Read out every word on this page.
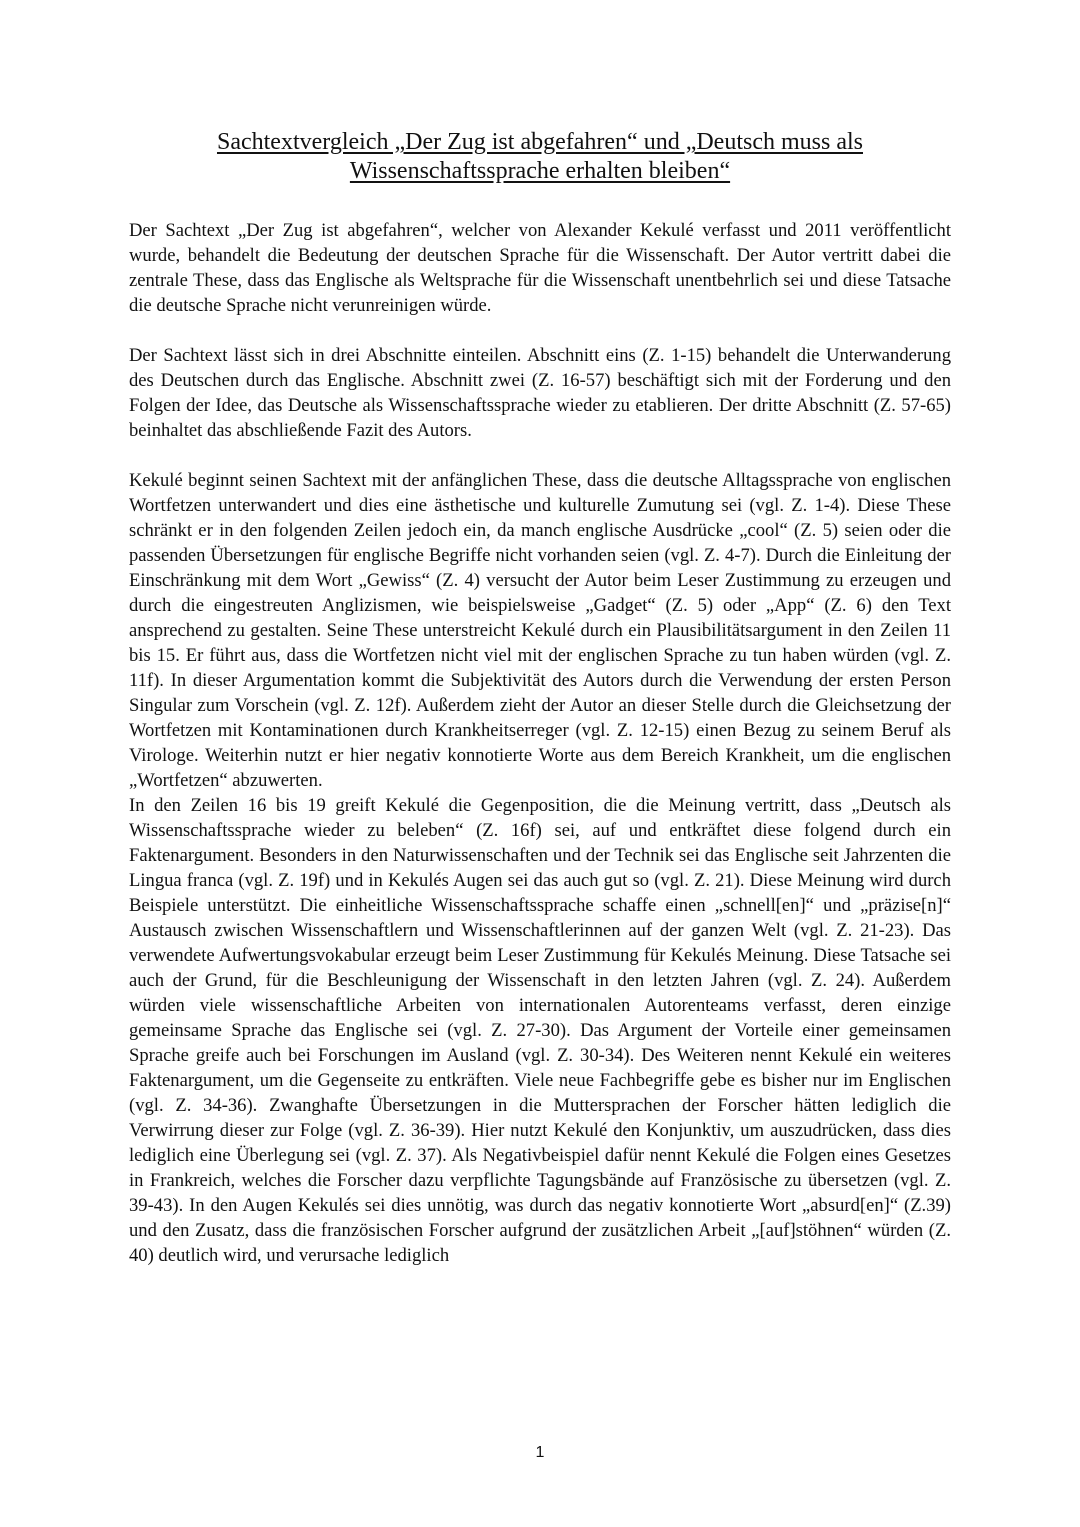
Sachtextvergleich „Der Zug ist abgefahren“ und „Deutsch muss als
Wissenschaftssprache erhalten bleiben“

Der Sachtext „Der Zug ist abgefahren“, welcher von Alexander Kekulé verfasst und 2011 veröffentlicht wurde, behandelt die Bedeutung der deutschen Sprache für die Wissenschaft. Der Autor vertritt dabei die zentrale These, dass das Englische als Weltsprache für die Wissenschaft unentbehrlich sei und diese Tatsache die deutsche Sprache nicht verunreinigen würde.

Der Sachtext lässt sich in drei Abschnitte einteilen. Abschnitt eins (Z. 1-15) behandelt die Unterwanderung des Deutschen durch das Englische. Abschnitt zwei (Z. 16-57) beschäftigt sich mit der Forderung und den Folgen der Idee, das Deutsche als Wissenschaftssprache wieder zu etablieren. Der dritte Abschnitt (Z. 57-65) beinhaltet das abschließende Fazit des Autors.

Kekulé beginnt seinen Sachtext mit der anfänglichen These, dass die deutsche Alltagssprache von englischen Wortfetzen unterwandert und dies eine ästhetische und kulturelle Zumutung sei (vgl. Z. 1-4). Diese These schränkt er in den folgenden Zeilen jedoch ein, da manch englische Ausdrücke „cool“ (Z. 5) seien oder die passenden Übersetzungen für englische Begriffe nicht vorhanden seien (vgl. Z. 4-7). Durch die Einleitung der Einschränkung mit dem Wort „Gewiss“ (Z. 4) versucht der Autor beim Leser Zustimmung zu erzeugen und durch die eingestreuten Anglizismen, wie beispielsweise „Gadget“ (Z. 5) oder „App“ (Z. 6) den Text ansprechend zu gestalten. Seine These unterstreicht Kekulé durch ein Plausibilitätsargument in den Zeilen 11 bis 15. Er führt aus, dass die Wortfetzen nicht viel mit der englischen Sprache zu tun haben würden (vgl. Z. 11f). In dieser Argumentation kommt die Subjektivität des Autors durch die Verwendung der ersten Person Singular zum Vorschein (vgl. Z. 12f). Außerdem zieht der Autor an dieser Stelle durch die Gleichsetzung der Wortfetzen mit Kontaminationen durch Krankheitserreger (vgl. Z. 12-15) einen Bezug zu seinem Beruf als Virologe. Weiterhin nutzt er hier negativ konnotierte Worte aus dem Bereich Krankheit, um die englischen „Wortfetzen“ abzuwerten.

In den Zeilen 16 bis 19 greift Kekulé die Gegenposition, die die Meinung vertritt, dass „Deutsch als Wissenschaftssprache wieder zu beleben“ (Z. 16f) sei, auf und entkräftet diese folgend durch ein Faktenargument. Besonders in den Naturwissenschaften und der Technik sei das Englische seit Jahrzenten die Lingua franca (vgl. Z. 19f) und in Kekulés Augen sei das auch gut so (vgl. Z. 21). Diese Meinung wird durch Beispiele unterstützt. Die einheitliche Wissenschaftssprache schaffe einen „schnell[en]“ und „präzise[n]“ Austausch zwischen Wissenschaftlern und Wissenschaftlerinnen auf der ganzen Welt (vgl. Z. 21-23). Das verwendete Aufwertungsvokabular erzeugt beim Leser Zustimmung für Kekulés Meinung. Diese Tatsache sei auch der Grund, für die Beschleunigung der Wissenschaft in den letzten Jahren (vgl. Z. 24). Außerdem würden viele wissenschaftliche Arbeiten von internationalen Autorenteams verfasst, deren einzige gemeinsame Sprache das Englische sei (vgl. Z. 27-30). Das Argument der Vorteile einer gemeinsamen Sprache greife auch bei Forschungen im Ausland (vgl. Z. 30-34). Des Weiteren nennt Kekulé ein weiteres Faktenargument, um die Gegenseite zu entkräften. Viele neue Fachbegriffe gebe es bisher nur im Englischen (vgl. Z. 34-36). Zwanghafte Übersetzungen in die Muttersprachen der Forscher hätten lediglich die Verwirrung dieser zur Folge (vgl. Z. 36-39). Hier nutzt Kekulé den Konjunktiv, um auszudrücken, dass dies lediglich eine Überlegung sei (vgl. Z. 37). Als Negativbeispiel dafür nennt Kekulé die Folgen eines Gesetzes in Frankreich, welches die Forscher dazu verpflichte Tagungsbände auf Französische zu übersetzen (vgl. Z. 39-43). In den Augen Kekulés sei dies unnötig, was durch das negativ konnotierte Wort „absurd[en]“ (Z.39) und den Zusatz, dass die französischen Forscher aufgrund der zusätzlichen Arbeit „[auf]stöhnen“ würden (Z. 40) deutlich wird, und verursache lediglich

1
